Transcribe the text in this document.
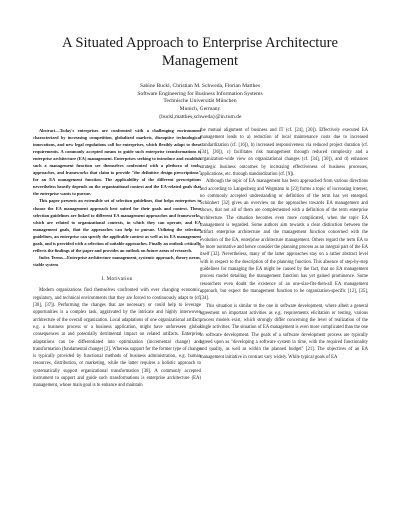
A Situated Approach to Enterprise Architecture
Management
Sabine Buckl, Christian M. Schweda, Florian Matthes
Software Engineering for Business Information Systems
Technische Universität München
Munich, Germany
{buckl,matthes,schweda}@in.tum.de

Abstract—Today's enterprises are confronted with a challenging environment characterized by increasing competition, globalized markets, disruptive technological innovations, and new legal regulations call for enterprises, which flexibly adapt to these requirements. A commonly accepted means to guide such enterprise transformations is enterprise architecture (EA) management. Enterprises seeking to introduce and establish such a management function see themselves confronted with a plethora of tools, approaches, and frameworks that claim to provide "the definitive design prescriptions" for an EA management function. The applicability of the different prescriptions nevertheless heavily depends on the organizational context and the EA-related goals that the enterprise wants to pursue.

This paper presents an extensible set of selection guidelines, that helps enterprises to choose the EA management approach best suited for their goals and context. These selection guidelines are linked to different EA management approaches and frameworks, which are related to organizational contexts, in which they can operate, and EA management goals, that the approaches can help to pursue. Utilizing the selection guidelines, an enterprise can specify the applicable context as well as its EA management goals, and is provided with a selection of suitable approaches. Finally an outlook critically reflects the findings of the paper and provides an outlook on future areas of research.

Index Terms—Enterprise architecture management, systemic approach, theory nexus, viable system

I. Motivation

Modern organizations find themselves confronted with ever changing economic, regulatory, and technical environments that they are forced to continuously adapt to (cf. [30], [37]). Performing the changes that are necessary or could help to leverage opportunities is a complex task, aggravated by the intricate and highly interwoven architecture of the overall organization. Local adaptations of one organizational artifact, e.g. a business process or a business application, might have unforeseen global consequences at and potentially detrimental impact on related artifacts. Enterprise adaptations can be differentiated into optimization (incremental change) and transformation (fundamental change) [2]. Whereas support for the former type of change is typically provided by functional methods of business administration, e.g. human resources, distribution, or marketing, while the latter requires a holistic approach to systematically support organizational transformation [38]. A commonly accepted instrument to support and guide such transformations is enterprise architecture (EA) management, whose main goal is to enhance and maintain

the mutual alignment of business and IT (cf. [24], [30]). Effectively executed EA management leads to a) reduction of local maintenance costs due to increased standardization (cf. [16]), b) increased responsiveness via reduced project duration (cf. [34], [36]), c) facilitates risk management through reduced complexity and a organization-wide view on organizational changes (cf. [34], [30]), and d) enhances strategic business outcomes by increasing effectiveness of business processes, applications, etc. through standardization (cf. [9]).

Although the topic of EA management has been approached from various directions and according to Langenberg and Wegmann in [23] forms a topic of increasing interest, no commonly accepted understanding or definition of the term has yet emerged. Schönherr [32] gives an overview on the approaches towards EA management and shows, that not all of them are complemented with a definition of the term enterprise architecture. The situation becomes even more complicated, when the topic EA management is regarded. Some authors aim towards a clear distinction between the artifact enterprise architecture and the management function concerned with the evolution of the EA, enterprise architecture management. Others regard the term EA to be more normative and hence consider the planning process as an integral part of the EA itself [32]. Nevertheless, many of the latter approaches stay on a rather abstract level with in respect to the description of the planning function. This absence of step-by-step guidelines for managing the EA might be caused by the fact, that no EA management process model detailing the management function has yet gained prominence. Some researchers even doubt the existence of an one-size-fits-then-all EA management approach, but expect the management function to be organization-specific [12], [35], [34].

This situation is similar to the one in software development, where albeit a general agreement on important activities as e.g. requirements elicitation or testing, various process models exist, which strongly differ concerning the level of realization of the single activities. The situation of EA management is even more complicated than the one in software development. The goals of a software development process are typically agreed upon as "developing a software system in time, with the required functionality and quality, as well as within the planned budget" [21]. The objectives of an EA management initiative in contrast vary widely. While typical goals of EA
